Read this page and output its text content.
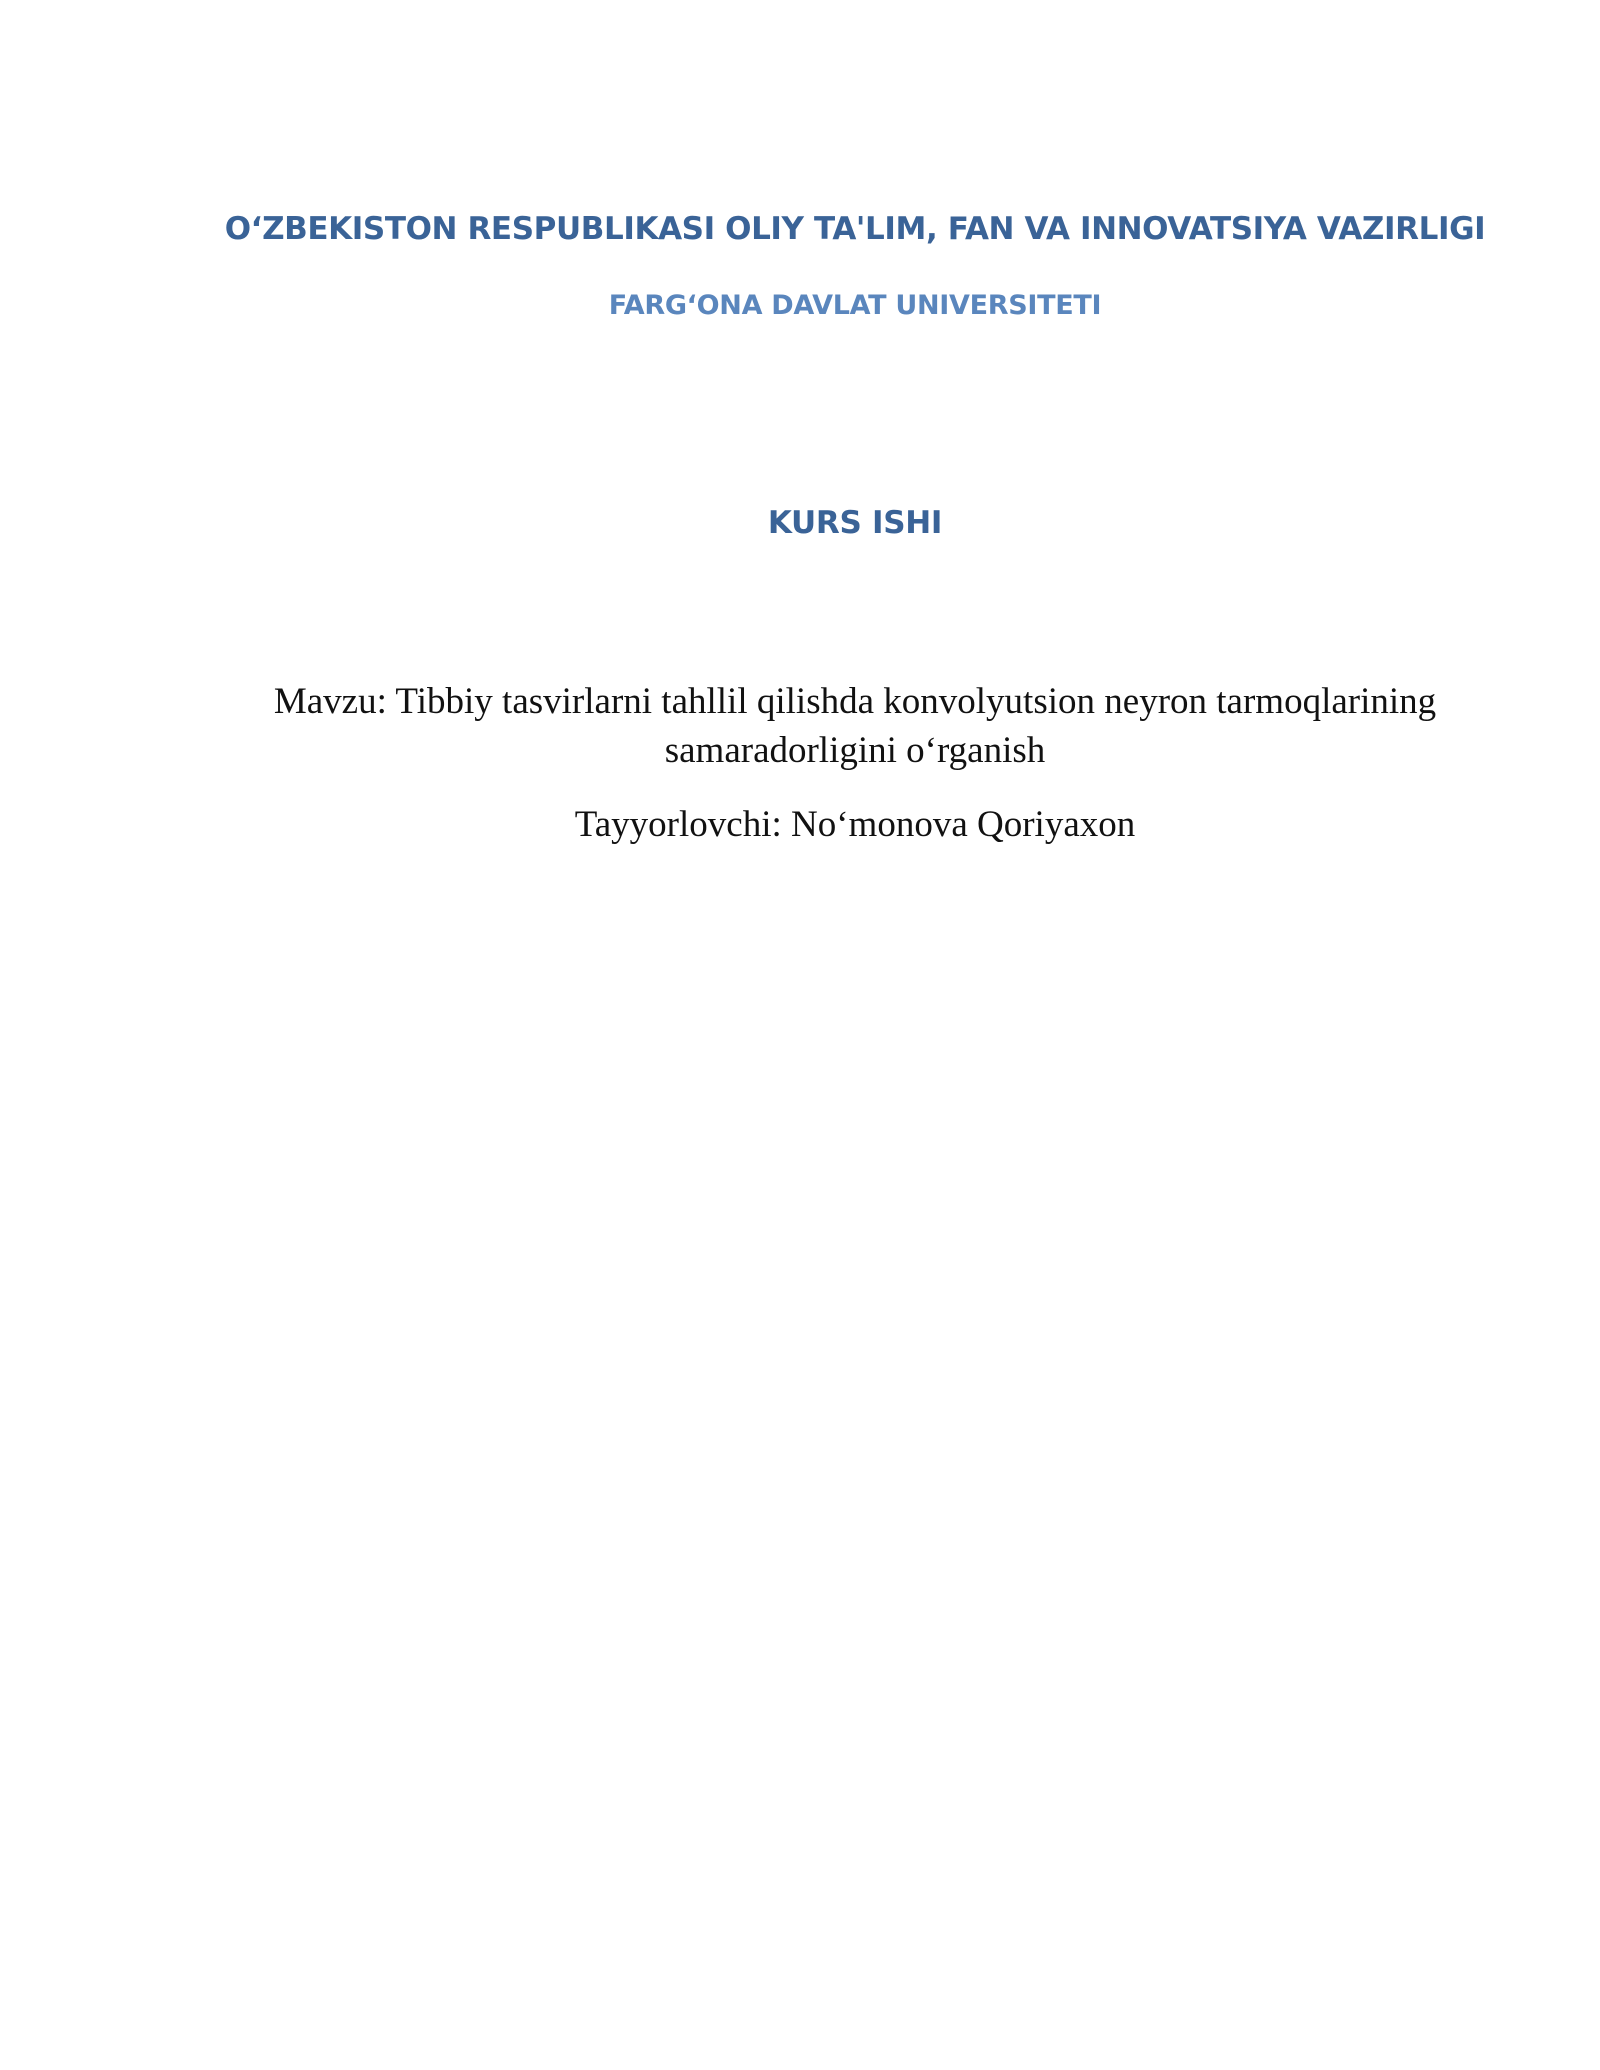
O‘ZBEKISTON RESPUBLIKASI OLIY TA'LIM, FAN VA INNOVATSIYA VAZIRLIGI
FARG‘ONA DAVLAT UNIVERSITETI
KURS ISHI
Mavzu: Tibbiy tasvirlarni tahllil qilishda konvolyutsion neyron tarmoqlarining samaradorligini o‘rganish
Tayyorlovchi: No‘monova Qoriyaxon
